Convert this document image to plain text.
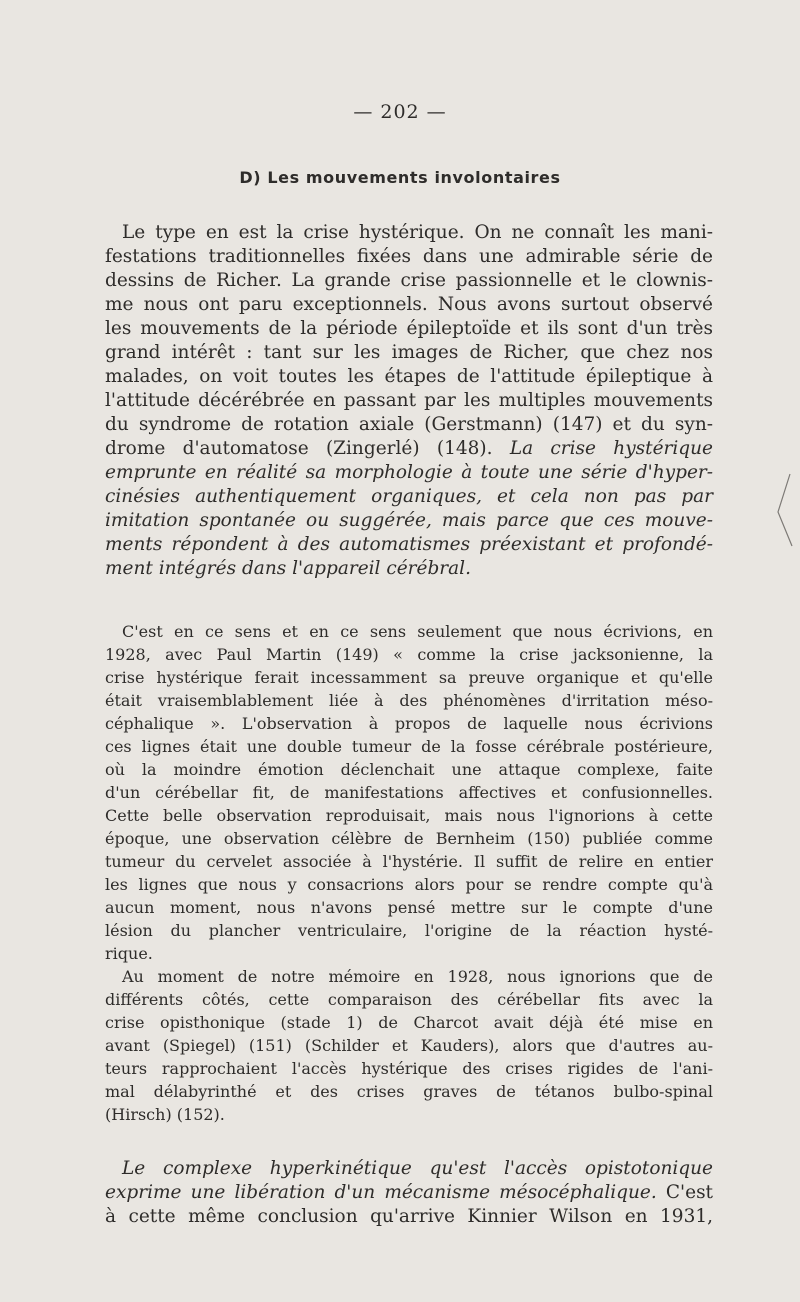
— 202 —
D) Les mouvements involontaires
Le type en est la crise hystérique. On ne connaît les mani-
festations traditionnelles fixées dans une admirable série de
dessins de Richer. La grande crise passionnelle et le clownis-
me nous ont paru exceptionnels. Nous avons surtout observé
les mouvements de la période épileptoïde et ils sont d'un très
grand intérêt : tant sur les images de Richer, que chez nos
malades, on voit toutes les étapes de l'attitude épileptique à
l'attitude décérébrée en passant par les multiples mouvements
du syndrome de rotation axiale (Gerstmann) (147) et du syn-
drome d'automatose (Zingerlé) (148). La crise hystérique
emprunte en réalité sa morphologie à toute une série d'hyper-
cinésies authentiquement organiques, et cela non pas par
imitation spontanée ou suggérée, mais parce que ces mouve-
ments répondent à des automatismes préexistant et profondé-
ment intégrés dans l'appareil cérébral.
C'est en ce sens et en ce sens seulement que nous écrivions, en
1928, avec Paul Martin (149) « comme la crise jacksonienne, la
crise hystérique ferait incessamment sa preuve organique et qu'elle
était vraisemblablement liée à des phénomènes d'irritation méso-
céphalique ». L'observation à propos de laquelle nous écrivions
ces lignes était une double tumeur de la fosse cérébrale postérieure,
où la moindre émotion déclenchait une attaque complexe, faite
d'un cérébellar fit, de manifestations affectives et confusionnelles.
Cette belle observation reproduisait, mais nous l'ignorions à cette
époque, une observation célèbre de Bernheim (150) publiée comme
tumeur du cervelet associée à l'hystérie. Il suffit de relire en entier
les lignes que nous y consacrions alors pour se rendre compte qu'à
aucun moment, nous n'avons pensé mettre sur le compte d'une
lésion du plancher ventriculaire, l'origine de la réaction hysté-
rique.
Au moment de notre mémoire en 1928, nous ignorions que de
différents côtés, cette comparaison des cérébellar fits avec la
crise opisthonique (stade 1) de Charcot avait déjà été mise en
avant (Spiegel) (151) (Schilder et Kauders), alors que d'autres au-
teurs rapprochaient l'accès hystérique des crises rigides de l'ani-
mal délabyrinthé et des crises graves de tétanos bulbo-spinal
(Hirsch) (152).
Le complexe hyperkinétique qu'est l'accès opistotonique
exprime une libération d'un mécanisme mésocéphalique. C'est
à cette même conclusion qu'arrive Kinnier Wilson en 1931,
